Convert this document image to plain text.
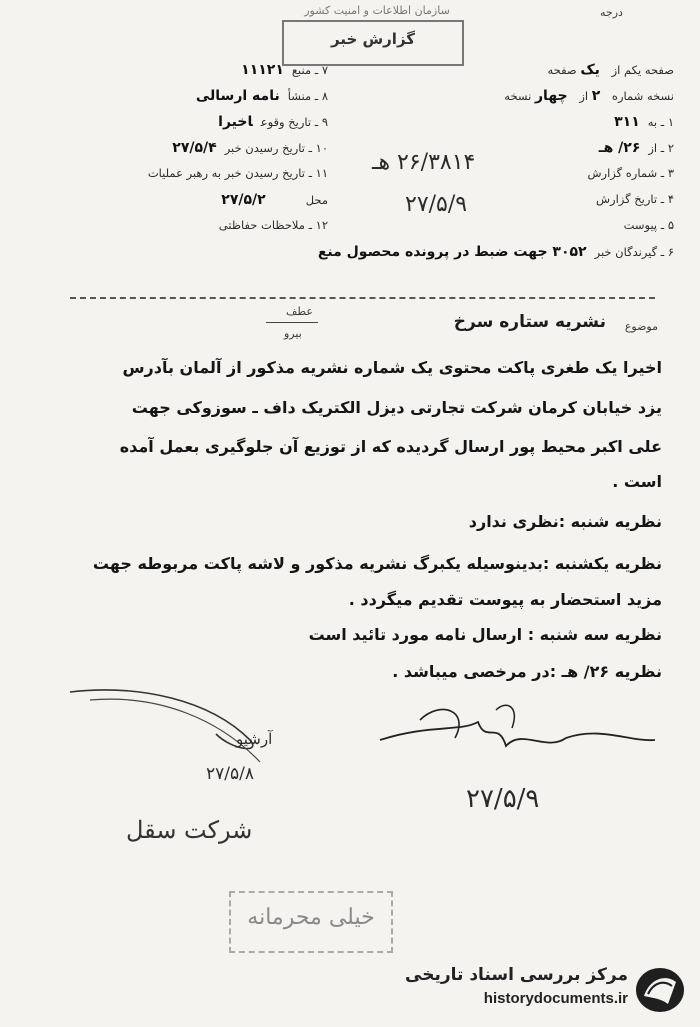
سازمان اطلاعات و امنیت کشور	درجه
گزارش خبر
صفحه یکم از یک صفحه
نسخه شماره ۲ از چهار نسخه
۱ ـ به۳۱۱
۲ ـ از۲۶/ هـ
۳ ـ شماره گزارش
۴ ـ تاریخ گزارش
۵ ـ پیوست
۶ ـ گیرندگان خبر۳۰۵۲ جهت ضبط در پرونده محصول منع
۷ ـ منبع۱۱۱۲۱
۸ ـ منشأنامه ارسالی
۹ ـ تاریخ وقوعاخیرا
۱۰ ـ تاریخ رسیدن خبر۲۷/۵/۴
۱۱ ـ تاریخ رسیدن خبر به رهبر عملیات
محل۲۷/۵/۲
۱۲ ـ ملاحظات حفاظتی
۲۶/۳۸۱۴ هـ
۲۷/۵/۹
عطف
بیرو
موضوع
نشریه ستاره سرخ
اخیرا یک طغری پاکت محتوی یک شماره نشریه مذکور از آلمان بآدرس
یزد خیابان کرمان شرکت تجارتی دیزل الکتریک داف ـ سوزوکی جهت
علی اکبر محیط پور ارسال گردیده که از توزیع آن جلوگیری بعمل آمده
است .
نظریه شنبه :نظری ندارد
نظریه یکشنبه :بدینوسیله یکبرگ نشریه مذکور و لاشه پاکت مربوطه جهت
مزید استحضار به پیوست تقدیم میگردد .
نظریه سه شنبه : ارسال نامه مورد تائید است
نظریه ۲۶/ هـ :در مرخصی میباشد .
آرشیو
۲۷/۵/۸
۲۷/۵/۹
شرکت سقل
خیلی محرمانه
مرکز بررسی اسناد تاریخی
historydocuments.ir
